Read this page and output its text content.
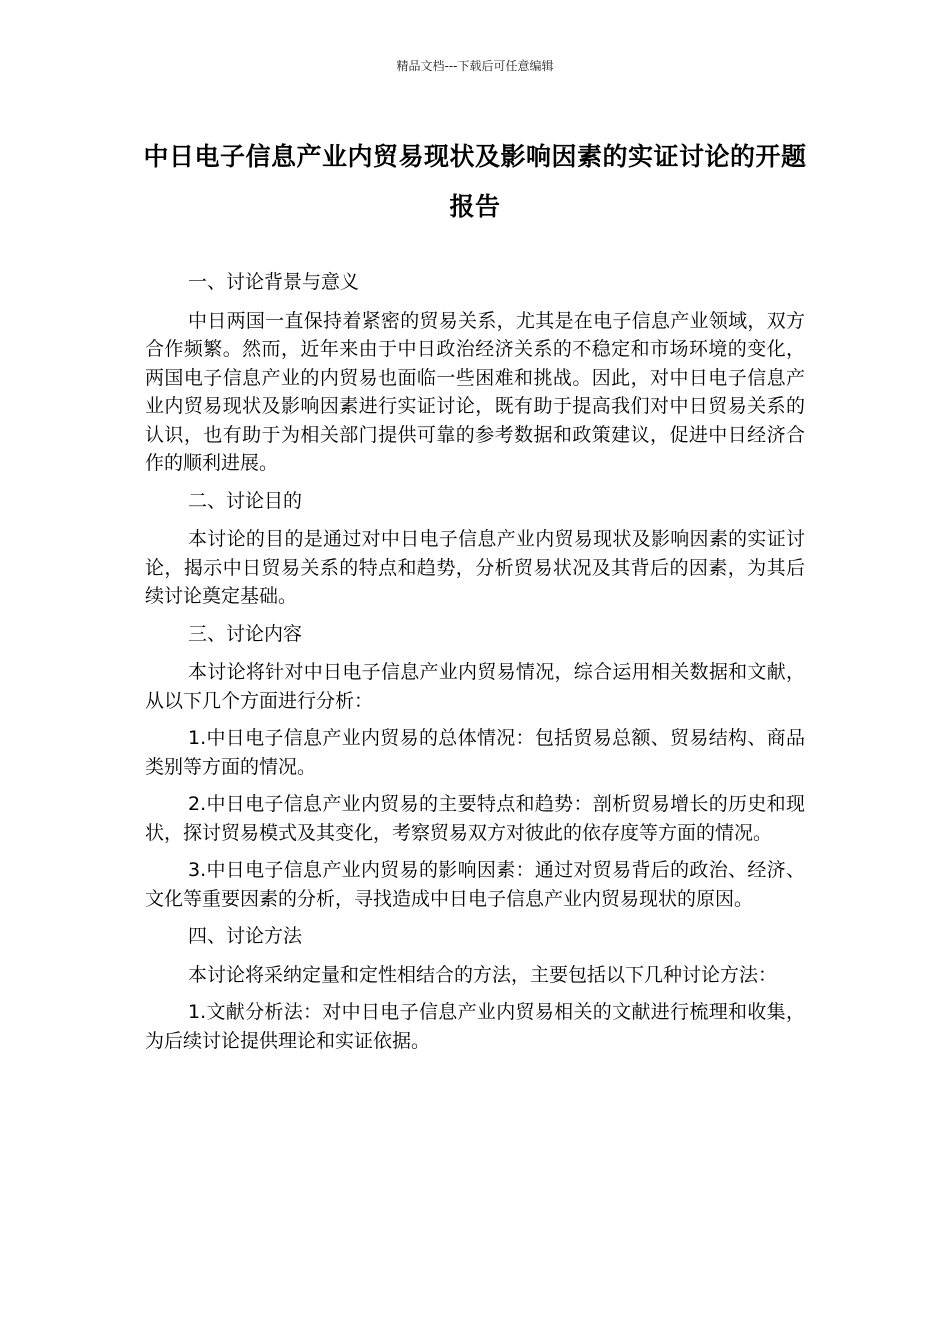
精品文档---下载后可任意编辑
中日电子信息产业内贸易现状及影响因素的实证讨论的开题报告

一、讨论背景与意义

中日两国一直保持着紧密的贸易关系，尤其是在电子信息产业领域，双方合作频繁。然而，近年来由于中日政治经济关系的不稳定和市场环境的变化，两国电子信息产业的内贸易也面临一些困难和挑战。因此，对中日电子信息产业内贸易现状及影响因素进行实证讨论，既有助于提高我们对中日贸易关系的认识，也有助于为相关部门提供可靠的参考数据和政策建议，促进中日经济合作的顺利进展。

二、讨论目的

本讨论的目的是通过对中日电子信息产业内贸易现状及影响因素的实证讨论，揭示中日贸易关系的特点和趋势，分析贸易状况及其背后的因素，为其后续讨论奠定基础。

三、讨论内容

本讨论将针对中日电子信息产业内贸易情况，综合运用相关数据和文献，从以下几个方面进行分析：

1.中日电子信息产业内贸易的总体情况：包括贸易总额、贸易结构、商品类别等方面的情况。

2.中日电子信息产业内贸易的主要特点和趋势：剖析贸易增长的历史和现状，探讨贸易模式及其变化，考察贸易双方对彼此的依存度等方面的情况。

3.中日电子信息产业内贸易的影响因素：通过对贸易背后的政治、经济、文化等重要因素的分析，寻找造成中日电子信息产业内贸易现状的原因。

四、讨论方法

本讨论将采纳定量和定性相结合的方法，主要包括以下几种讨论方法：

1.文献分析法：对中日电子信息产业内贸易相关的文献进行梳理和收集，为后续讨论提供理论和实证依据。
